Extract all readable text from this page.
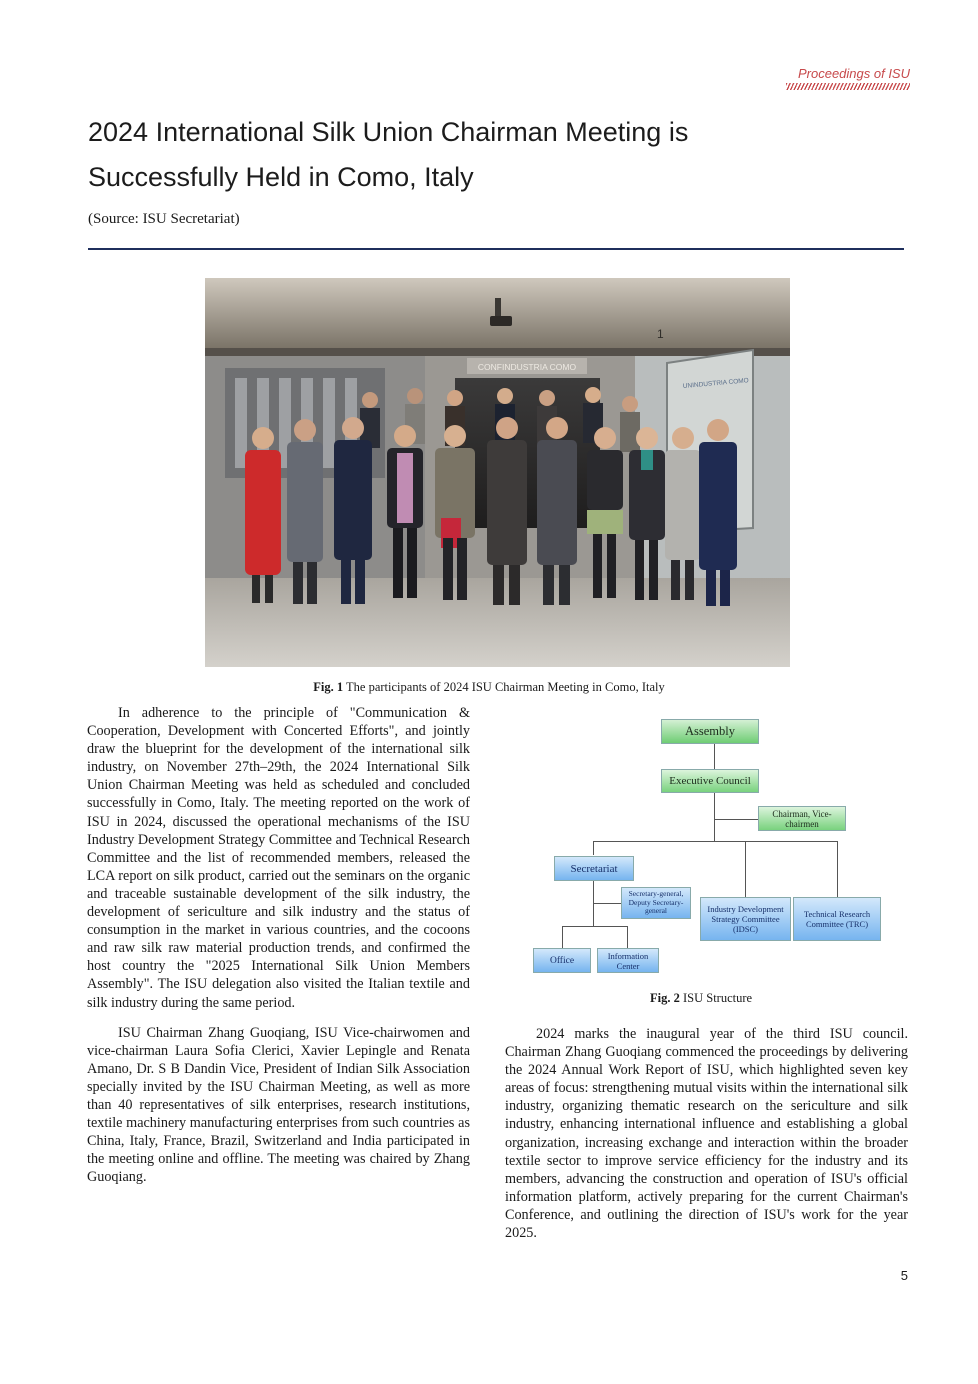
Proceedings of ISU
2024 International Silk Union Chairman Meeting is Successfully Held in Como, Italy
(Source: ISU Secretariat)
CONFINDUSTRIA COMO
1
UNINDUSTRIA COMO
Fig. 1 The participants of 2024 ISU Chairman Meeting in Como, Italy

In adherence to the principle of "Communication & Cooperation, Development with Concerted Efforts", and jointly draw the blueprint for the development of the international silk industry, on November 27th–29th, the 2024 International Silk Union Chairman Meeting was held as scheduled and concluded successfully in Como, Italy. The meeting reported on the work of ISU in 2024, discussed the operational mechanisms of the ISU Industry Development Strategy Committee and Technical Research Committee and the list of recommended members, released the LCA report on silk product, carried out the seminars on the organic and traceable sustainable development of the silk industry, the development of sericulture and silk industry and the status of consumption in the market in various countries, and the cocoons and raw silk raw material production trends, and confirmed the host country the "2025 International Silk Union Members Assembly". The ISU delegation also visited the Italian textile and silk industry during the same period.

ISU Chairman Zhang Guoqiang, ISU Vice-chairwomen and vice-chairman Laura Sofia Clerici, Xavier Lepingle and Renata Amano, Dr. S B Dandin Vice, President of Indian Silk Association specially invited by the ISU Chairman Meeting, as well as more than 40 representatives of silk enterprises, research institutions, textile machinery manufacturing enterprises from such countries as China, Italy, France, Brazil, Switzerland and India participated in the meeting online and offline. The meeting was chaired by Zhang Guoqiang.

Assembly
Executive Council
Chairman, Vice-chairmen
Secretariat
Secretary-general, Deputy Secretary-general	Industry Development Strategy Committee (IDSC)
Technical Research Committee (TRC)
Office	Information Center
Fig. 2 ISU Structure

2024 marks the inaugural year of the third ISU council. Chairman Zhang Guoqiang commenced the proceedings by delivering the 2024 Annual Work Report of ISU, which highlighted seven key areas of focus: strengthening mutual visits within the international silk industry, organizing thematic research on the sericulture and silk industry, enhancing international influence and establishing a global organization, increasing exchange and interaction within the broader textile sector to improve service efficiency for the industry and its members, advancing the construction and operation of ISU's official information platform, actively preparing for the current Chairman's Conference, and outlining the direction of ISU's work for the year 2025.

5
